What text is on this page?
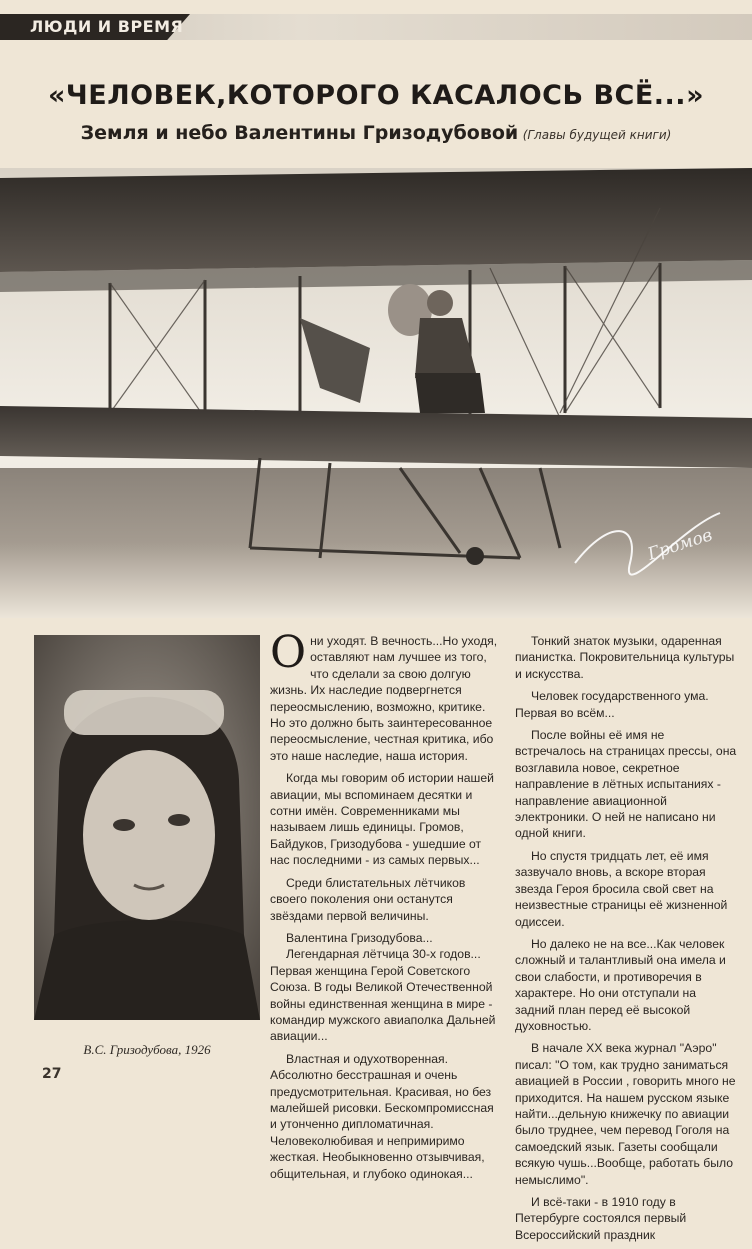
ЛЮДИ И ВРЕМЯ
«ЧЕЛОВЕК,КОТОРОГО КАСАЛОСЬ ВСЁ...»
Земля и небо Валентины Гризодубовой (Главы будущей книги)
Громов
В.С. Гризодубова, 1926

Они уходят. В вечность...Но уходя, оставляют нам лучшее из того, что сделали за свою долгую жизнь. Их наследие подвергнется переосмыслению, возможно, критике. Но это должно быть заинтересованное переосмысление, честная критика, ибо это наше наследие, наша история.

Когда мы говорим об истории нашей авиации, мы вспоминаем десятки и сотни имён. Современниками мы называем лишь единицы. Громов, Байдуков, Гризодубова - ушедшие от нас последними - из самых первых...

Среди блистательных лётчиков своего поколения они останутся звёздами первой величины.

Валентина Гризодубова...

Легендарная лётчица 30-х годов... Первая женщина Герой Советского Союза. В годы Великой Отечественной войны единственная женщина в мире - командир мужского авиаполка Дальней авиации...

Властная и одухотворенная. Абсолютно бесстрашная и очень предусмотрительная. Красивая, но без малейшей рисовки. Бескомпромиссная и утонченно дипломатичная. Человеколюбивая и непримиримо жесткая. Необыкновенно отзывчивая, общительная, и глубоко одинокая...

Тонкий знаток музыки, одаренная пианистка. Покровительница культуры и искусства.

Человек государственного ума. Первая во всём...

После войны её имя не встречалось на страницах прессы, она возглавила новое, секретное направление в лётных испытаниях - направление авиационной электроники. О ней не написано ни одной книги.

Но спустя тридцать лет, её имя зазвучало вновь, а вскоре вторая звезда Героя бросила свой свет на неизвестные страницы её жизненной одиссеи.

Но далеко не на все...Как человек сложный и талантливый она имела и свои слабости, и противоречия в характере. Но они отступали на задний план перед её высокой духовностью.

В начале XX века журнал "Аэро" писал: "О том, как трудно заниматься авиацией в России , говорить много не приходится. На нашем русском языке найти...дельную книжечку по авиации было труднее, чем перевод Гоголя на самоедский язык. Газеты сообщали всякую чушь...Вообще, работать было немыслимо".

И всё-таки - в 1910 году в Петербурге состоялся первый Всероссийский праздник

27
